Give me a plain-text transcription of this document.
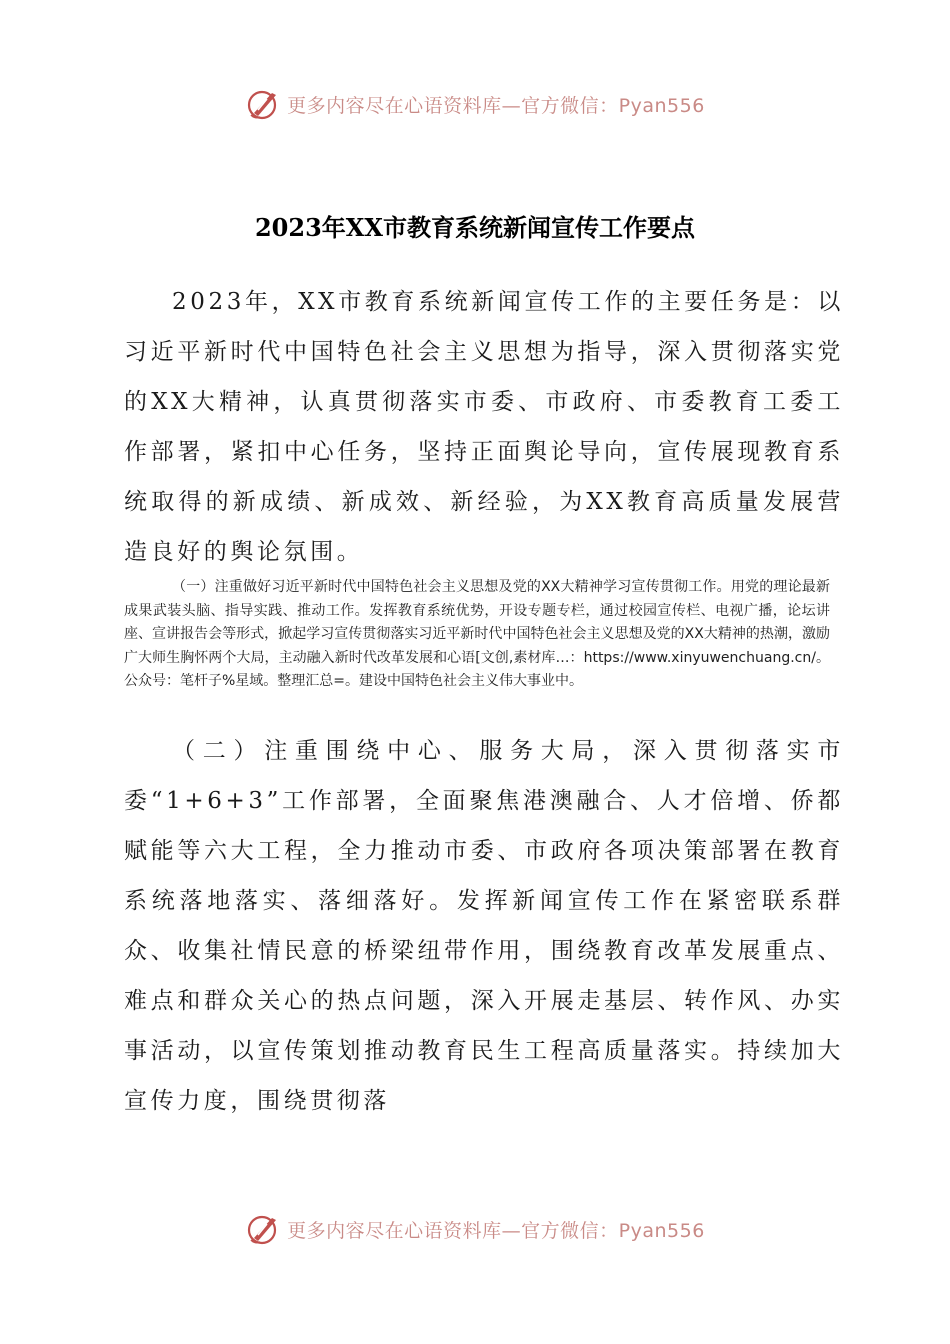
更多内容尽在心语资料库—官方微信：Pyan556
2023年XX市教育系统新闻宣传工作要点

2023年，XX市教育系统新闻宣传工作的主要任务是：以习近平新时代中国特色社会主义思想为指导，深入贯彻落实党的XX大精神，认真贯彻落实市委、市政府、市委教育工委工作部署，紧扣中心任务，坚持正面舆论导向，宣传展现教育系统取得的新成绩、新成效、新经验，为XX教育高质量发展营造良好的舆论氛围。

（一）注重做好习近平新时代中国特色社会主义思想及党的XX大精神学习宣传贯彻工作。用党的理论最新成果武装头脑、指导实践、推动工作。发挥教育系统优势，开设专题专栏，通过校园宣传栏、电视广播，论坛讲座、宣讲报告会等形式，掀起学习宣传贯彻落实习近平新时代中国特色社会主义思想及党的XX大精神的热潮，激励广大师生胸怀两个大局，主动融入新时代改革发展和心语[文创,素材库…：https://www.xinyuwenchuang.cn/。公众号：笔杆子%星域。整理汇总=。建设中国特色社会主义伟大事业中。

（二）注重围绕中心、服务大局，深入贯彻落实市委“1+6+3”工作部署，全面聚焦港澳融合、人才倍增、侨都赋能等六大工程，全力推动市委、市政府各项决策部署在教育系统落地落实、落细落好。发挥新闻宣传工作在紧密联系群众、收集社情民意的桥梁纽带作用，围绕教育改革发展重点、难点和群众关心的热点问题，深入开展走基层、转作风、办实事活动，以宣传策划推动教育民生工程高质量落实。持续加大宣传力度，围绕贯彻落

更多内容尽在心语资料库—官方微信：Pyan556
